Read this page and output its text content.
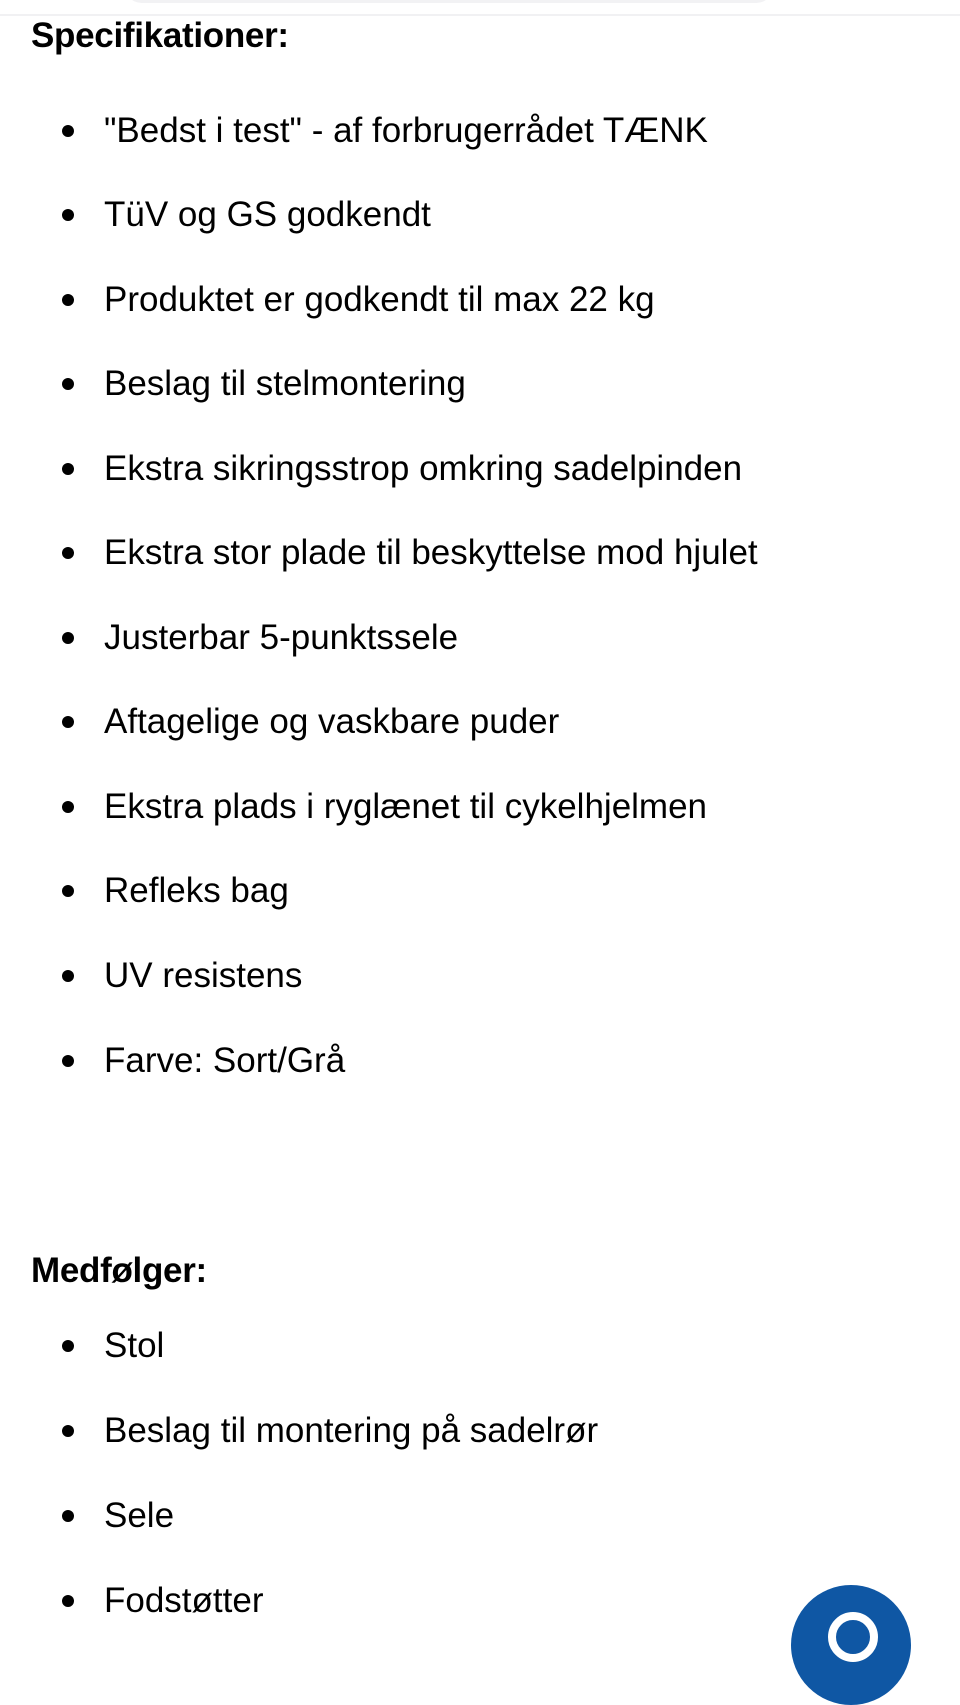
Specifikationer:
"Bedst i test" - af forbrugerrådet TÆNK
TüV og GS godkendt
Produktet er godkendt til max 22 kg
Beslag til stelmontering
Ekstra sikringsstrop omkring sadelpinden
Ekstra stor plade til beskyttelse mod hjulet
Justerbar 5-punktssele
Aftagelige og vaskbare puder
Ekstra plads i ryglænet til cykelhjelmen
Refleks bag
UV resistens
Farve: Sort/Grå
Medfølger:
Stol
Beslag til montering på sadelrør
Sele
Fodstøtter
